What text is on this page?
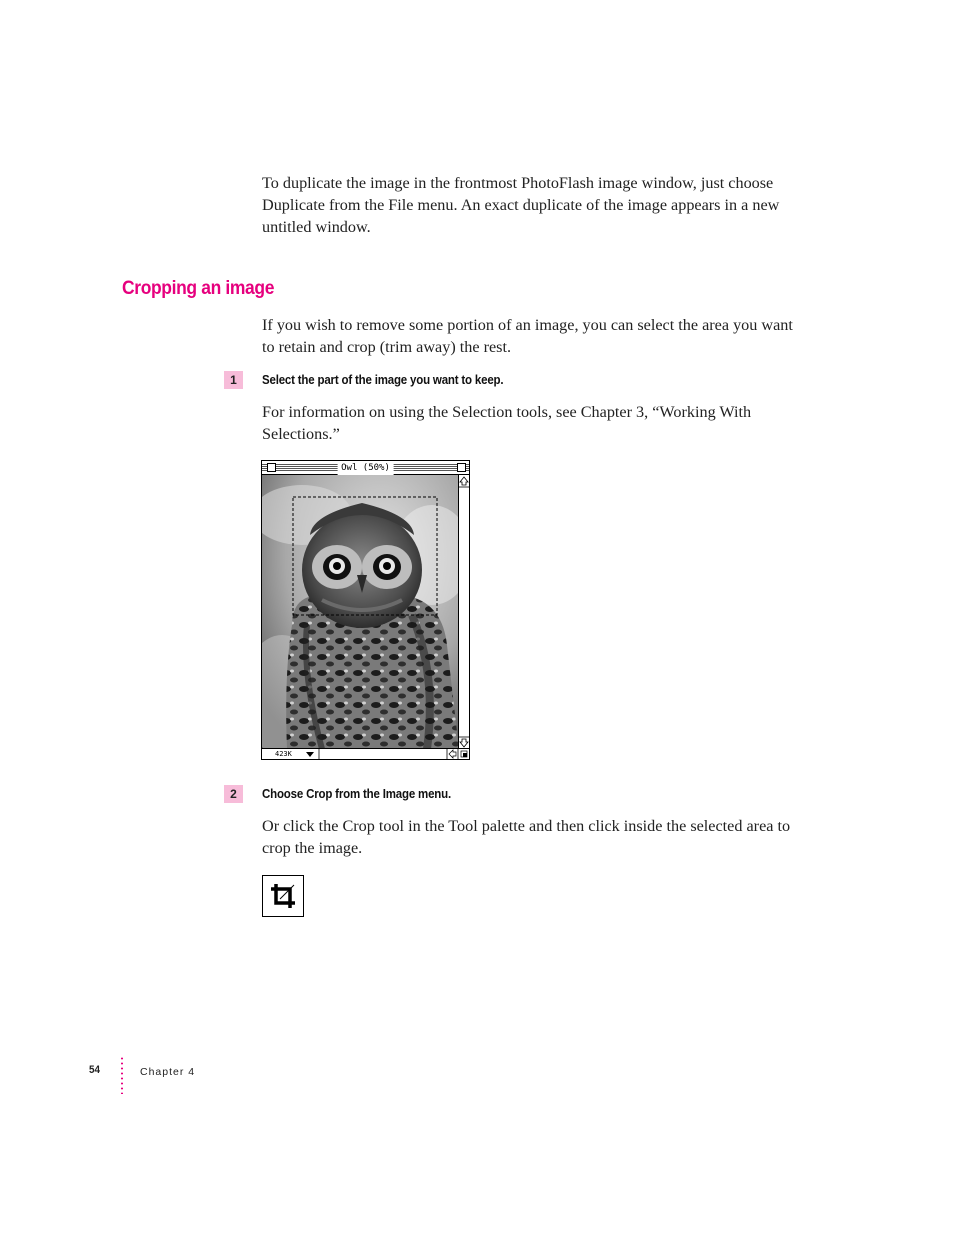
To duplicate the image in the frontmost PhotoFlash image window, just choose Duplicate from the File menu. An exact duplicate of the image appears in a new untitled window.

Cropping an image

If you wish to remove some portion of an image, you can select the area you want to retain and crop (trim away) the rest.

1	Select the part of the image you want to keep.

For information on using the Selection tools, see Chapter 3, “Working With Selections.”

Owl (50%)
423K
2	Choose Crop from the Image menu.

Or click the Crop tool in the Tool palette and then click inside the selected area to crop the image.

54	Chapter 4
